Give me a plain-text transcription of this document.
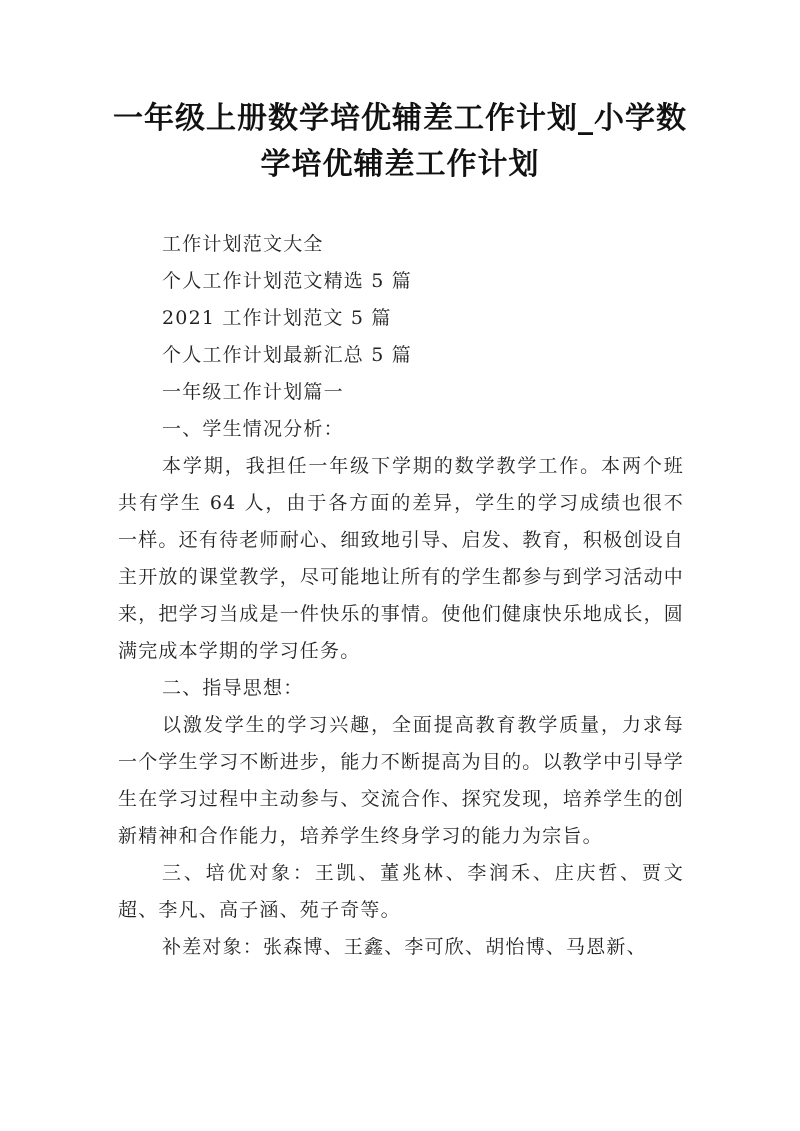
一年级上册数学培优辅差工作计划_小学数
学培优辅差工作计划

工作计划范文大全

个人工作计划范文精选 5 篇

2021 工作计划范文 5 篇

个人工作计划最新汇总 5 篇

一年级工作计划篇一

一、学生情况分析：

本学期，我担任一年级下学期的数学教学工作。本两个班共有学生 64 人，由于各方面的差异，学生的学习成绩也很不一样。还有待老师耐心、细致地引导、启发、教育，积极创设自主开放的课堂教学，尽可能地让所有的学生都参与到学习活动中来，把学习当成是一件快乐的事情。使他们健康快乐地成长，圆满完成本学期的学习任务。

二、指导思想：

以激发学生的学习兴趣，全面提高教育教学质量，力求每一个学生学习不断进步，能力不断提高为目的。以教学中引导学生在学习过程中主动参与、交流合作、探究发现，培养学生的创新精神和合作能力，培养学生终身学习的能力为宗旨。

三、培优对象：王凯、董兆林、李润禾、庄庆哲、贾文超、李凡、高子涵、苑子奇等。

补差对象：张森博、王鑫、李可欣、胡怡博、马恩新、
